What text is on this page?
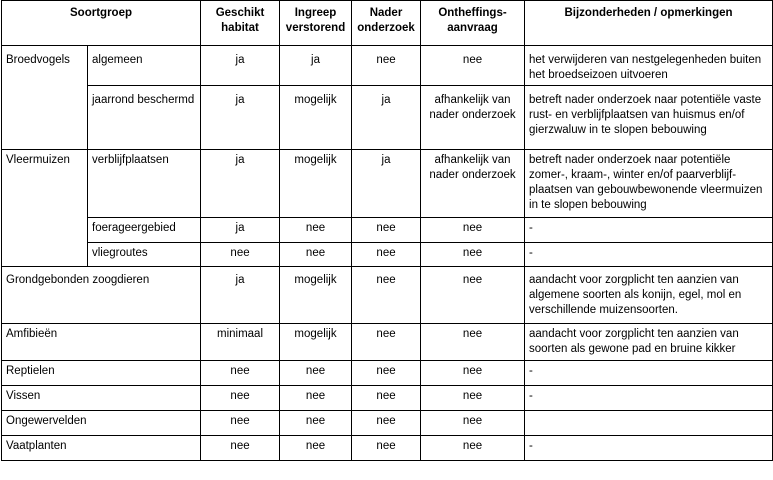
Soortgroep		Geschikt habitat	Ingreep verstorend	Nader onderzoek	Ontheffings-aanvraag	Bijzonderheden / opmerkingen
Broedvogels	algemeen	ja	ja	nee	nee	het verwijderen van nestgelegenheden buiten het broedseizoen uitvoeren
	jaarrond beschermd	ja	mogelijk	ja	afhankelijk van nader onderzoek	betreft nader onderzoek naar potentiële vaste rust- en verblijfplaatsen van huismus en/of gierzwaluw in te slopen bebouwing
Vleermuizen	verblijfplaatsen	ja	mogelijk	ja	afhankelijk van nader onderzoek	betreft nader onderzoek naar potentiële zomer-, kraam-, winter en/of paarverblijf-plaatsen van gebouwbewonende vleermuizen in te slopen bebouwing
	foerageergebied	ja	nee	nee	nee	-
	vliegroutes	nee	nee	nee	nee	-
Grondgebonden zoogdieren		ja	mogelijk	nee	nee	aandacht voor zorgplicht ten aanzien van algemene soorten als konijn, egel, mol en verschillende muizensoorten.
Amfibieën		minimaal	mogelijk	nee	nee	aandacht voor zorgplicht ten aanzien van soorten als gewone pad en bruine kikker
Reptielen		nee	nee	nee	nee	-
Vissen		nee	nee	nee	nee	-
Ongewervelden		nee	nee	nee	nee	
Vaatplanten		nee	nee	nee	nee	-
